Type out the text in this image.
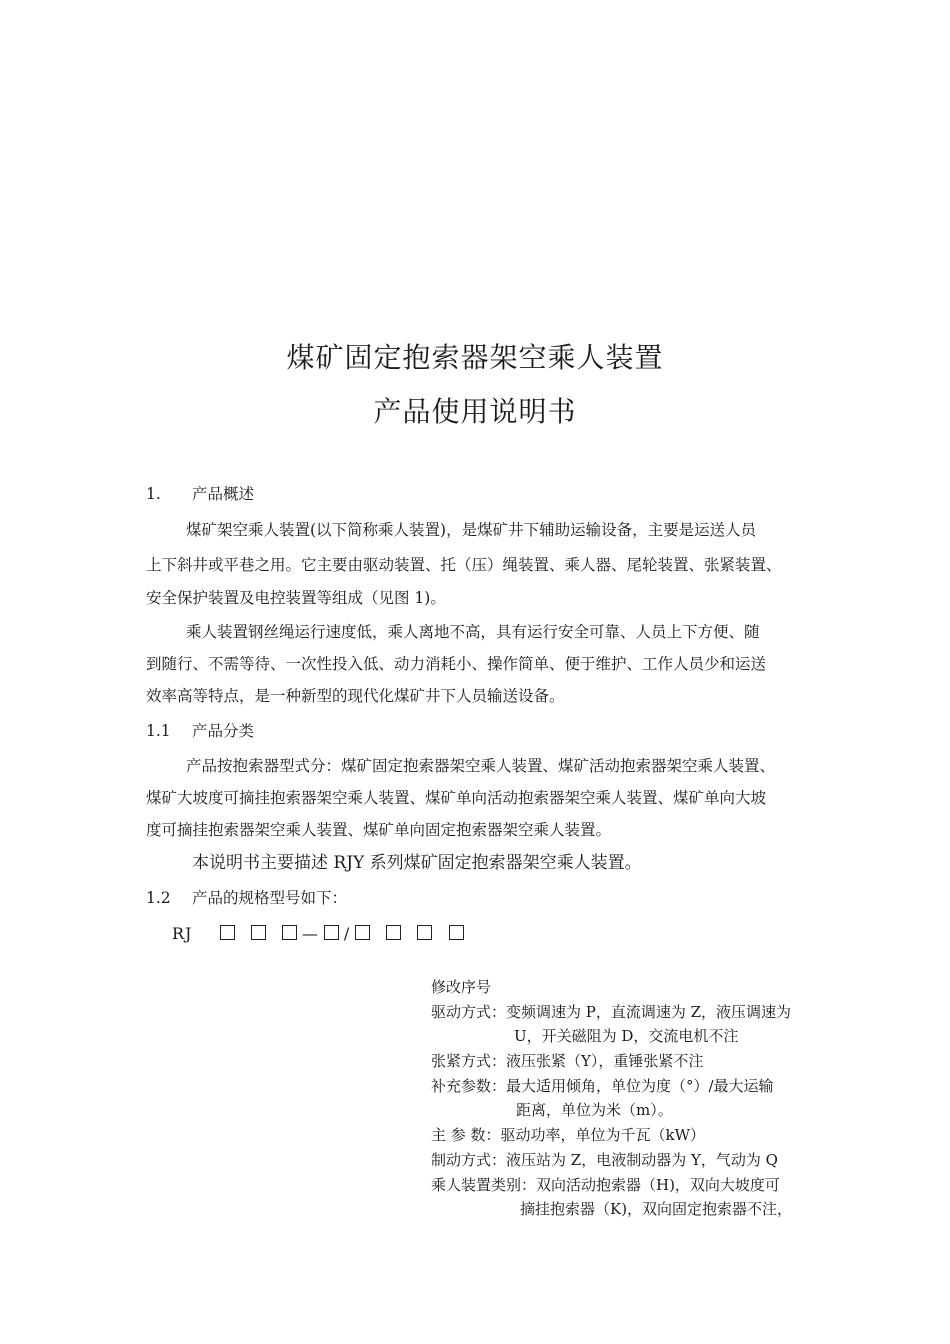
煤矿固定抱索器架空乘人装置
产品使用说明书
1. 产品概述
煤矿架空乘人装置(以下简称乘人装置)，是煤矿井下辅助运输设备，主要是运送人员
上下斜井或平巷之用。它主要由驱动装置、托（压）绳装置、乘人器、尾轮装置、张紧装置、
安全保护装置及电控装置等组成（见图 1)。
乘人装置钢丝绳运行速度低，乘人离地不高，具有运行安全可靠、人员上下方便、随
到随行、不需等待、一次性投入低、动力消耗小、操作简单、便于维护、工作人员少和运送
效率高等特点，是一种新型的现代化煤矿井下人员输送设备。
1.1 产品分类
产品按抱索器型式分：煤矿固定抱索器架空乘人装置、煤矿活动抱索器架空乘人装置、
煤矿大坡度可摘挂抱索器架空乘人装置、煤矿单向活动抱索器架空乘人装置、煤矿单向大坡
度可摘挂抱索器架空乘人装置、煤矿单向固定抱索器架空乘人装置。
本说明书主要描述 RJY 系列煤矿固定抱索器架空乘人装置。
1.2 产品的规格型号如下：
RJ	— /
修改序号
驱动方式：变频调速为 P，直流调速为 Z，液压调速为
U，开关磁阻为 D，交流电机不注
张紧方式：液压张紧（Y），重锤张紧不注
补充参数：最大适用倾角，单位为度（°）/最大运输
距离，单位为米（m）。
主 参 数：驱动功率，单位为千瓦（kW）
制动方式：液压站为 Z，电液制动器为 Y，气动为 Q
乘人装置类别：双向活动抱索器（H)，双向大坡度可
摘挂抱索器（K)，双向固定抱索器不注，
